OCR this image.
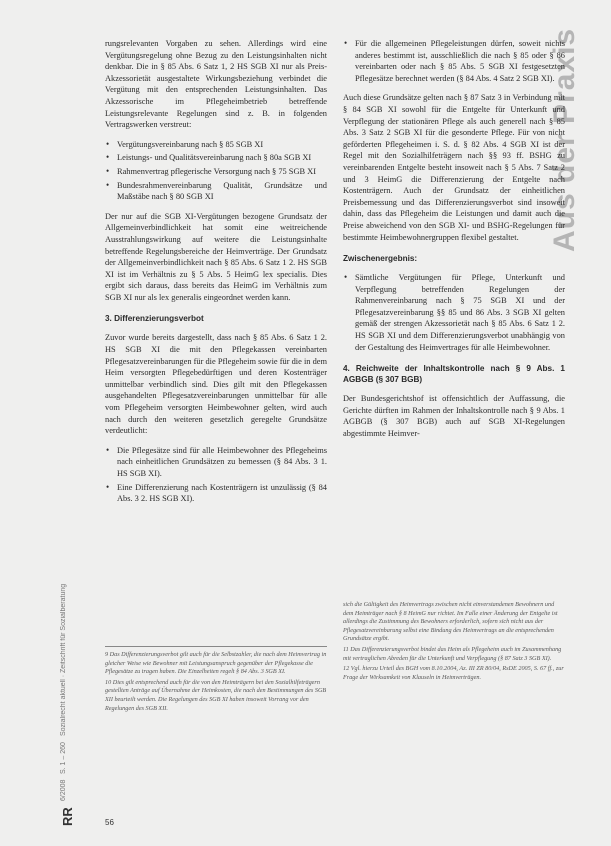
Aus der Praxis
RR
6/2008
S. 1 – 260
Sozialrecht aktuell · Zeitschrift für Sozialberatung

rungsrelevanten Vorgaben zu sehen. Allerdings wird eine Vergütungsregelung ohne Bezug zu den Leistungsinhalten nicht denkbar. Die in § 85 Abs. 6 Satz 1, 2 HS SGB XI nur als Preis-Akzessorietät ausgestaltete Wirkungsbeziehung verbindet die Vergütung mit den entsprechenden Leistungsinhalten. Das Akzessorische im Pflegeheimbetrieb betreffende Leistungsrelevante Regelungen sind z. B. in folgenden Vertragswerken verstreut:

• Vergütungsvereinbarung nach § 85 SGB XI
• Leistungs- und Qualitätsvereinbarung nach § 80a SGB XI
• Rahmenvertrag pflegerische Versorgung nach § 75 SGB XI
• Bundesrahmenvereinbarung Qualität, Grundsätze und Maßstäbe nach § 80 SGB XI

Der nur auf die SGB XI-Vergütungen bezogene Grundsatz der Allgemeinverbindlichkeit hat somit eine weitreichende Ausstrahlungswirkung auf weitere die Leistungsinhalte betreffende Regelungsbereiche der Heimverträge. Der Grundsatz der Allgemeinverbindlichkeit nach § 85 Abs. 6 Satz 1 2. HS SGB XI ist im Verhältnis zu § 5 Abs. 5 HeimG lex specialis. Dies ergibt sich daraus, dass bereits das HeimG im Verhältnis zum SGB XI nur als lex generalis eingeordnet werden kann.

3. Differenzierungsverbot

Zuvor wurde bereits dargestellt, dass nach § 85 Abs. 6 Satz 1 2. HS SGB XI die mit den Pflegekassen vereinbarten Pflegesatzvereinbarungen für die Pflegeheim sowie für die in dem Heim versorgten Pflegebedürftigen und deren Kostenträger unmittelbar verbindlich sind. Dies gilt mit den Pflegekassen ausgehandelten Pflegesatzvereinbarungen unmittelbar für alle vom Pflegeheim versorgten Heimbewohner gelten, wird auch nach durch den weiteren gesetzlich geregelte Grundsätze verdeutlicht:

• Die Pflegesätze sind für alle Heimbewohner des Pflegeheims nach einheitlichen Grundsätzen zu bemessen (§ 84 Abs. 3 1. HS SGB XI).
• Eine Differenzierung nach Kostenträgern ist unzulässig (§ 84 Abs. 3 2. HS SGB XI).

9 Das Differenzierungsverbot gilt auch für die Selbstzahler, die nach dem Heimvertrag in gleicher Weise wie Bewohner mit Leistungsanspruch gegenüber der Pflegekasse die Pflegesätze zu tragen haben. Die Einzelheiten regelt § 84 Abs. 3 SGB XI.

10 Dies gilt entsprechend auch für die von den Heimträgern bei den Sozialhilfeträgern gestellten Anträge auf Übernahme der Heimkosten, die nach den Bestimmungen des SGB XII beurteilt werden. Die Regelungen des SGB XI haben insoweit Vorrang vor den Regelungen des SGB XII.

• Für die allgemeinen Pflegeleistungen dürfen, soweit nichts anderes bestimmt ist, ausschließlich die nach § 85 oder § 86 vereinbarten oder nach § 85 Abs. 5 SGB XI festgesetzten Pflegesätze berechnet werden (§ 84 Abs. 4 Satz 2 SGB XI).

Auch diese Grundsätze gelten nach § 87 Satz 3 in Verbindung mit § 84 SGB XI sowohl für die Entgelte für Unterkunft und Verpflegung der stationären Pflege als auch generell nach § 85 Abs. 3 Satz 2 SGB XI für die gesonderte Pflege. Für von nicht geförderten Pflegeheimen i. S. d. § 82 Abs. 4 SGB XI ist der Regel mit den Sozialhilfeträgern nach §§ 93 ff. BSHG zu vereinbarenden Entgelte besteht insoweit nach § 5 Abs. 7 Satz 2 und 3 HeimG die Differenzierung der Entgelte nach Kostenträgern. Auch der Grundsatz der einheitlichen Preisbemessung und das Differenzierungsverbot sind insoweit dahin, dass das Pflegeheim die Leistungen und damit auch die Preise abweichend von den SGB XI- und BSHG-Regelungen für bestimmte Heimbewohnergruppen flexibel gestaltet.

Zwischenergebnis:
• Sämtliche Vergütungen für Pflege, Unterkunft und Verpflegung betreffenden Regelungen der Rahmenvereinbarung nach § 75 SGB XI und der Pflegesatzvereinbarung §§ 85 und 86 Abs. 3 SGB XI gelten gemäß der strengen Akzessorietät nach § 85 Abs. 6 Satz 1 2. HS SGB XI und dem Differenzierungsverbot unabhängig von der Gestaltung des Heimvertrages für alle Heimbewohner.
4. Reichweite der Inhaltskontrolle nach § 9 Abs. 1 AGBGB (§ 307 BGB)

Der Bundesgerichtshof ist offensichtlich der Auffassung, die Gerichte dürften im Rahmen der Inhaltskontrolle nach § 9 Abs. 1 AGBGB (§ 307 BGB) auch auf SGB XI-Regelungen abgestimmte Heimver-

sich die Gültigkeit des Heimvertrags zwischen nicht einverstandenen Bewohnern und dem Heimträger nach § 8 HeimG nur richtet. Im Falle einer Änderung der Entgelte ist allerdings die Zustimmung des Bewohners erforderlich, sofern sich nicht aus der Pflegesatzvereinbarung selbst eine Bindung des Heimvertrags an die entsprechenden Grundsätze ergibt.

11 Das Differenzierungsverbot bindet das Heim als Pflegeheim auch im Zusammenhang mit vertraglichen Abreden für die Unterkunft und Verpflegung (§ 87 Satz 3 SGB XI).

12 Vgl. hierzu Urteil des BGH vom 8.10.2004, Az. III ZR 80/04, RsDE 2005, S. 67 ff., zur Frage der Wirksamkeit von Klauseln in Heimverträgen.

56
